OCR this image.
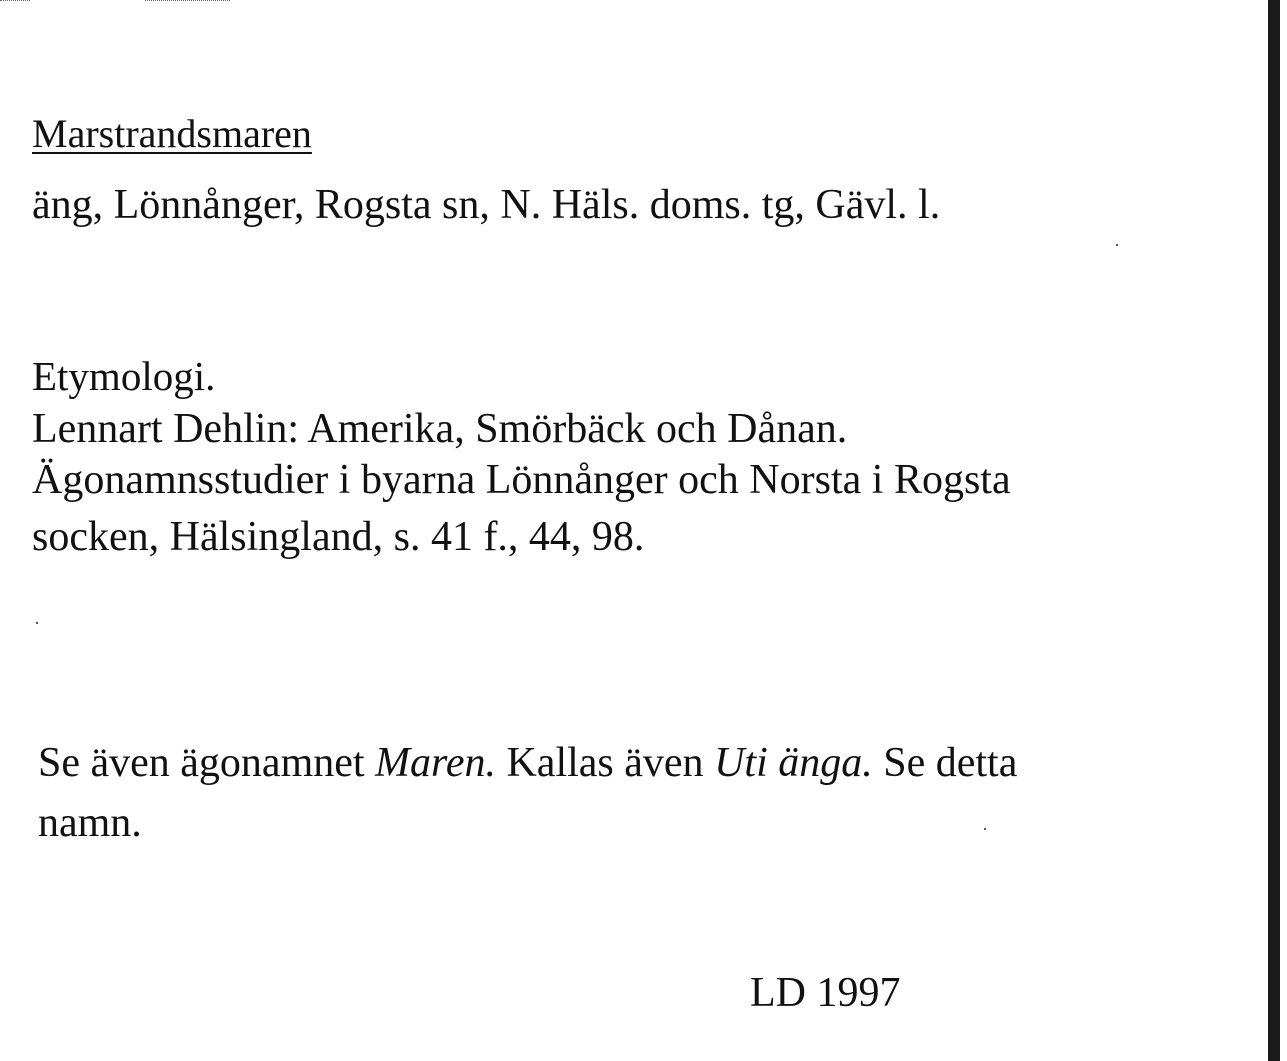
Marstrandsmaren
äng, Lönnånger, Rogsta sn, N. Häls. doms. tg, Gävl. l.
Etymologi.
Lennart Dehlin: Amerika, Smörbäck och Dånan.
Ägonamnsstudier i byarna Lönnånger och Norsta i Rogsta
socken, Hälsingland, s. 41 f., 44, 98.
Se även ägonamnet Maren. Kallas även Uti änga. Se detta
namn.
LD 1997
